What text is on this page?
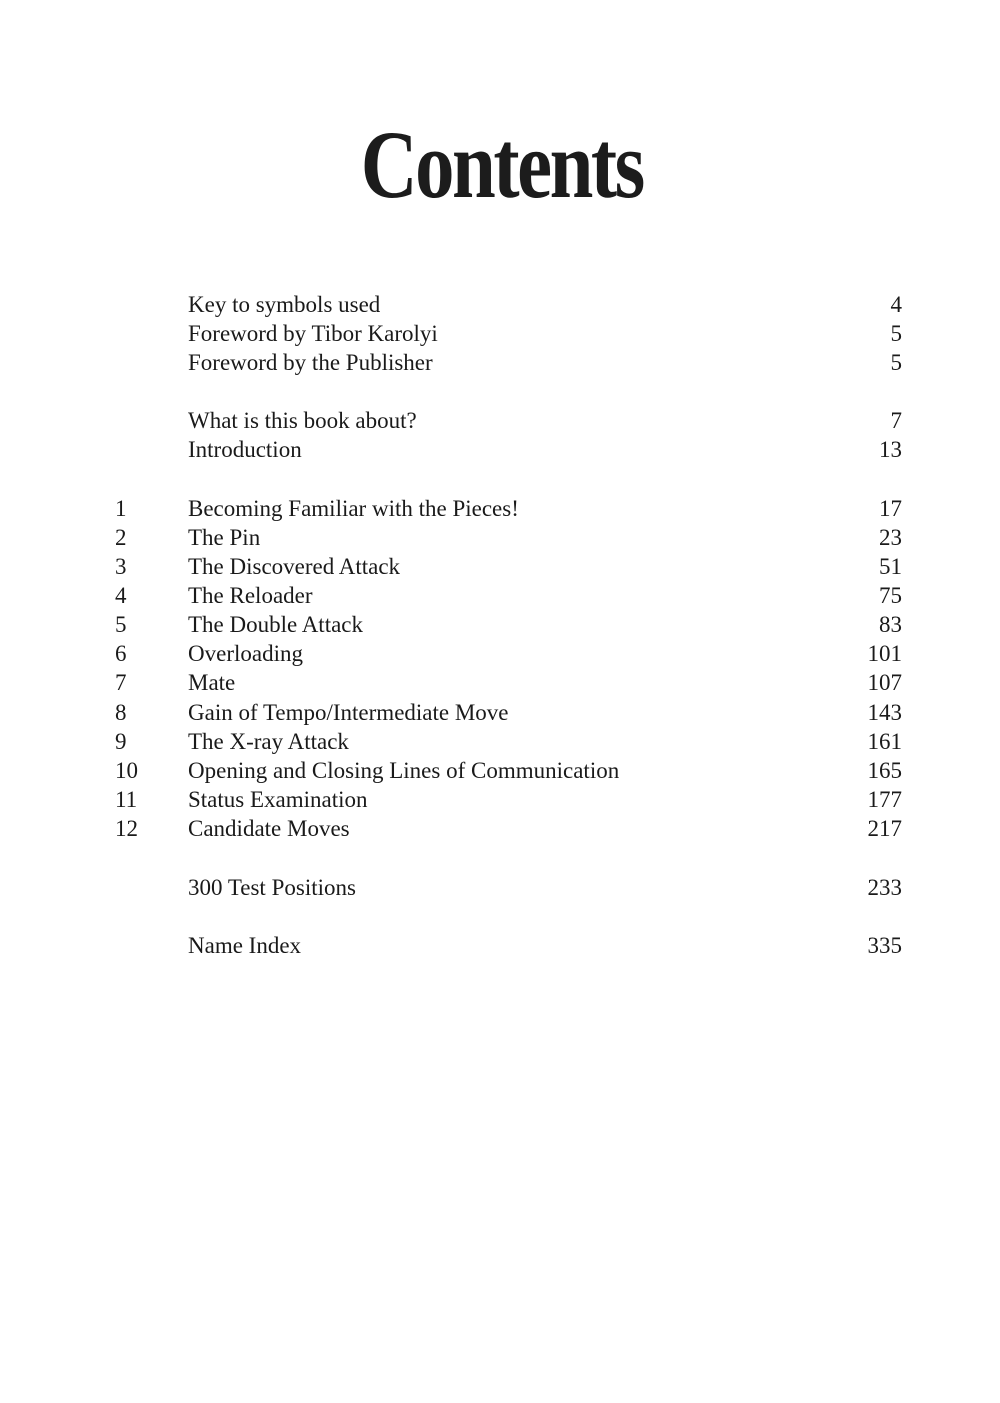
Contents
Key to symbols used	4
Foreword by Tibor Karolyi	5
Foreword by the Publisher	5
What is this book about?	7
Introduction	13
1	Becoming Familiar with the Pieces!	17
2	The Pin	23
3	The Discovered Attack	51
4	The Reloader	75
5	The Double Attack	83
6	Overloading	101
7	Mate	107
8	Gain of Tempo/Intermediate Move	143
9	The X-ray Attack	161
10	Opening and Closing Lines of Communication	165
11	Status Examination	177
12	Candidate Moves	217
300 Test Positions	233
Name Index	335
